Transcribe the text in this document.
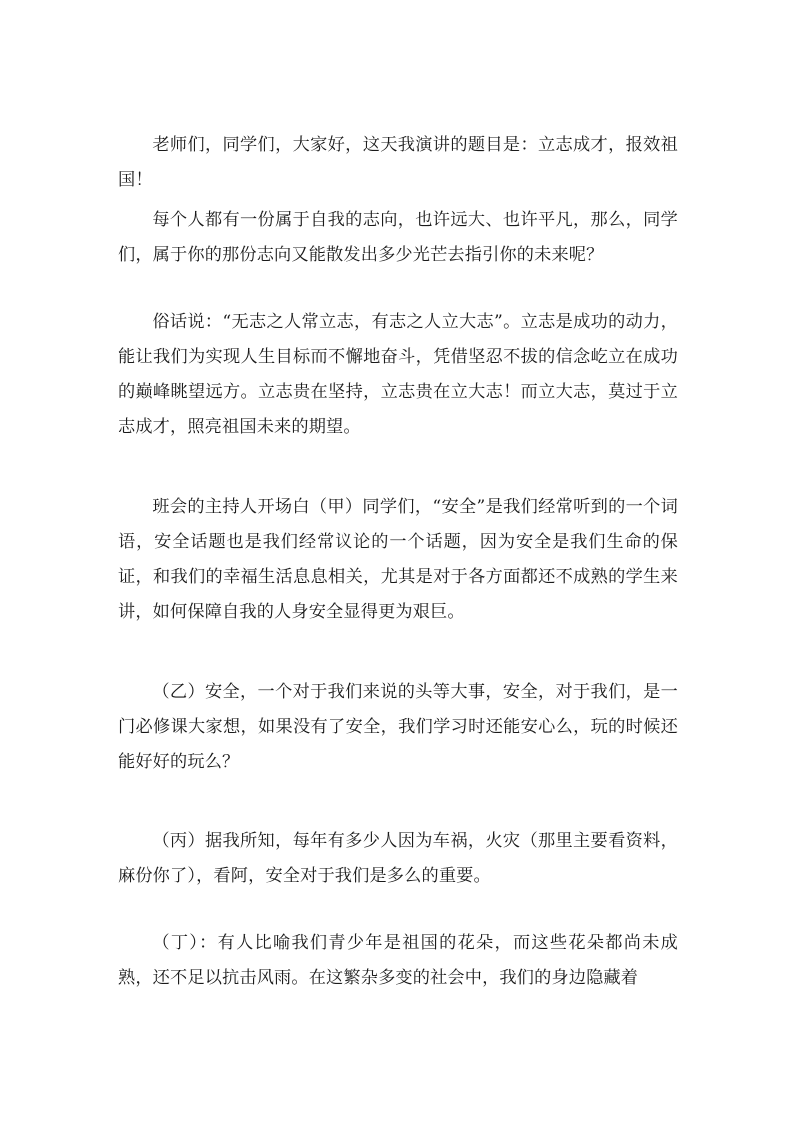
老师们，同学们，大家好，这天我演讲的题目是：立志成才，报效祖国！

每个人都有一份属于自我的志向，也许远大、也许平凡，那么，同学们，属于你的那份志向又能散发出多少光芒去指引你的未来呢？

俗话说：“无志之人常立志，有志之人立大志”。立志是成功的动力，能让我们为实现人生目标而不懈地奋斗，凭借坚忍不拔的信念屹立在成功的巅峰眺望远方。立志贵在坚持，立志贵在立大志！而立大志，莫过于立志成才，照亮祖国未来的期望。

班会的主持人开场白（甲）同学们，“安全”是我们经常听到的一个词语，安全话题也是我们经常议论的一个话题，因为安全是我们生命的保证，和我们的幸福生活息息相关，尤其是对于各方面都还不成熟的学生来讲，如何保障自我的人身安全显得更为艰巨。

（乙）安全，一个对于我们来说的头等大事，安全，对于我们，是一门必修课大家想，如果没有了安全，我们学习时还能安心么，玩的时候还能好好的玩么？

（丙）据我所知，每年有多少人因为车祸，火灾（那里主要看资料，麻份你了），看阿，安全对于我们是多么的重要。

（丁）：有人比喻我们青少年是祖国的花朵，而这些花朵都尚未成熟，还不足以抗击风雨。在这繁杂多变的社会中，我们的身边隐藏着
